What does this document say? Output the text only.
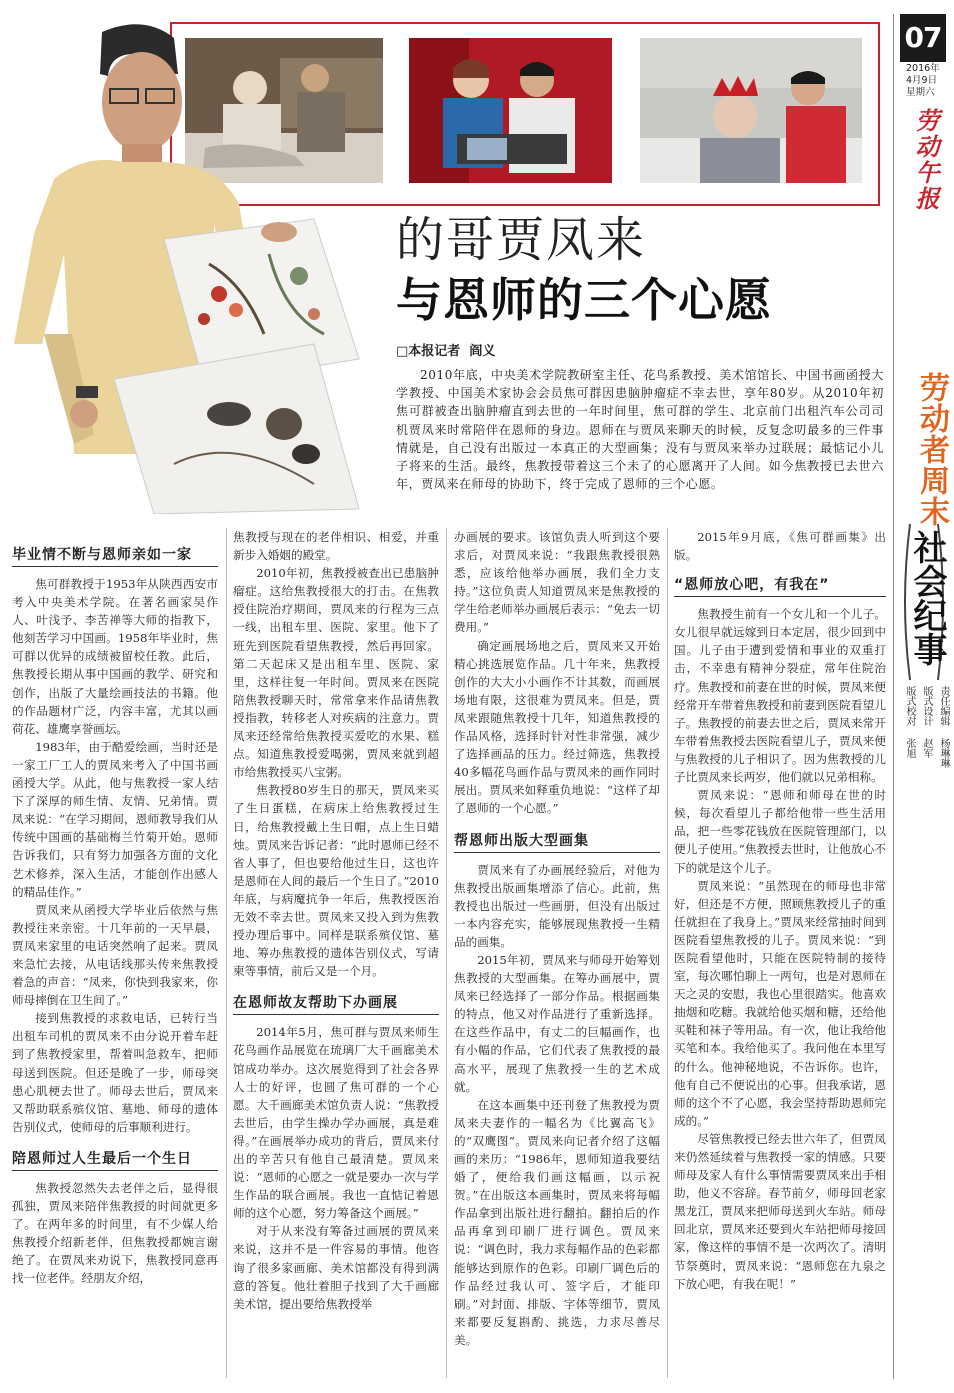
07
2016年
4月9日
星期六
劳动午报
劳动者周末
社会纪事
责任编辑  杨琳琳
版式设计  赵军
版式校对  张旭
的哥贾凤来
与恩师的三个心愿
□本报记者  阎义

2010年底，中央美术学院教研室主任、花鸟系教授、美术馆馆长、中国书画函授大学教授、中国美术家协会会员焦可群因患脑肿瘤症不幸去世，享年80岁。从2010年初焦可群被查出脑肿瘤直到去世的一年时间里，焦可群的学生、北京前门出租汽车公司司机贾凤来时常陪伴在恩师的身边。恩师在与贾凤来聊天的时候，反复念叨最多的三件事情就是，自己没有出版过一本真正的大型画集；没有与贾凤来举办过联展；最惦记小儿子将来的生活。最终，焦教授带着这三个未了的心愿离开了人间。如今焦教授已去世六年，贾凤来在师母的协助下，终于完成了恩师的三个心愿。

毕业情不断与恩师亲如一家

焦可群教授于1953年从陕西西安市考入中央美术学院。在著名画家吴作人、叶浅予、李苦禅等大师的指教下，他刻苦学习中国画。1958年毕业时，焦可群以优异的成绩被留校任教。此后，焦教授长期从事中国画的教学、研究和创作，出版了大量绘画技法的书籍。他的作品题材广泛，内容丰富，尤其以画荷花、雄鹰享誉画坛。

1983年，由于酷爱绘画，当时还是一家工厂工人的贾凤来考入了中国书画函授大学。从此，他与焦教授一家人结下了深厚的师生情、友情、兄弟情。贾凤来说：“在学习期间，恩师教导我们从传统中国画的基础梅兰竹菊开始。恩师告诉我们，只有努力加强各方面的文化艺术修养，深入生活，才能创作出感人的精品佳作。”

贾凤来从函授大学毕业后依然与焦教授往来亲密。十几年前的一天早晨，贾凤来家里的电话突然响了起来。贾凤来急忙去接，从电话线那头传来焦教授着急的声音：“凤来，你快到我家来，你师母摔倒在卫生间了。”

接到焦教授的求救电话，已转行当出租车司机的贾凤来不由分说开着车赶到了焦教授家里，帮着叫急救车，把师母送到医院。但还是晚了一步，师母突患心肌梗去世了。师母去世后，贾凤来又帮助联系殡仪馆、墓地、师母的遗体告别仪式，使师母的后事顺利进行。

陪恩师过人生最后一个生日

焦教授忽然失去老伴之后，显得很孤独，贾凤来陪伴焦教授的时间就更多了。在两年多的时间里，有不少媒人给焦教授介绍新老伴，但焦教授都婉言谢绝了。在贾凤来劝说下，焦教授同意再找一位老伴。经朋友介绍，

焦教授与现在的老伴相识、相爱，并重新步入婚姻的殿堂。

2010年初，焦教授被查出已患脑肿瘤症。这给焦教授很大的打击。在焦教授住院治疗期间，贾凤来的行程为三点一线，出租车里、医院、家里。他下了班先到医院看望焦教授，然后再回家。第二天起床又是出租车里、医院、家里，这样往复一年时间。贾凤来在医院陪焦教授聊天时，常常拿来作品请焦教授指教，转移老人对疾病的注意力。贾凤来还经常给焦教授买爱吃的水果、糕点。知道焦教授爱喝粥，贾凤来就到超市给焦教授买八宝粥。

焦教授80岁生日的那天，贾凤来买了生日蛋糕，在病床上给焦教授过生日，给焦教授戴上生日帽，点上生日蜡烛。贾凤来告诉记者：“此时恩师已经不省人事了，但也要给他过生日，这也许是恩师在人间的最后一个生日了。”2010年底，与病魔抗争一年后，焦教授医治无效不幸去世。贾凤来又投入到为焦教授办理后事中。同样是联系殡仪馆、墓地、筹办焦教授的遗体告别仪式，写请柬等事情，前后又是一个月。

在恩师故友帮助下办画展

2014年5月，焦可群与贾凤来师生花鸟画作品展览在琉璃厂大千画廊美术馆成功举办。这次展览得到了社会各界人士的好评，也圆了焦可群的一个心愿。大千画廊美术馆负责人说：“焦教授去世后，由学生操办学办画展，真是难得。”在画展举办成功的背后，贾凤来付出的辛苦只有他自己最清楚。贾凤来说：“恩师的心愿之一就是要办一次与学生作品的联合画展。我也一直惦记着恩师的这个心愿，努力筹备这个画展。”

对于从来没有筹备过画展的贾凤来来说，这并不是一件容易的事情。他咨询了很多家画廊、美术馆都没有得到满意的答复。他壮着胆子找到了大千画廊美术馆，提出要给焦教授举

办画展的要求。该馆负责人听到这个要求后，对贾凤来说：“我跟焦教授很熟悉，应该给他举办画展，我们全力支持。”这位负责人知道贾凤来是焦教授的学生给老师举办画展后表示：“免去一切费用。”

确定画展场地之后，贾凤来又开始精心挑选展览作品。几十年来，焦教授创作的大大小小画作不计其数，而画展场地有限，这很难为贾凤来。但是，贾凤来跟随焦教授十几年，知道焦教授的作品风格，选择时针对性非常强，减少了选择画品的压力。经过筛选，焦教授40多幅花鸟画作品与贾凤来的画作同时展出。贾凤来如释重负地说：“这样了却了恩师的一个心愿。”

帮恩师出版大型画集

贾凤来有了办画展经验后，对他为焦教授出版画集增添了信心。此前，焦教授也出版过一些画册，但没有出版过一本内容充实，能够展现焦教授一生精品的画集。

2015年初，贾凤来与师母开始筹划焦教授的大型画集。在筹办画展中，贾凤来已经选择了一部分作品。根据画集的特点，他又对作品进行了重新选择。在这些作品中，有丈二的巨幅画作，也有小幅的作品，它们代表了焦教授的最高水平，展现了焦教授一生的艺术成就。

在这本画集中还刊登了焦教授为贾凤来夫妻作的一幅名为《比翼高飞》的“双鹰图”。贾凤来向记者介绍了这幅画的来历：“1986年，恩师知道我要结婚了，便给我们画这幅画，以示祝贺。”在出版这本画集时，贾凤来将每幅作品拿到出版社进行翻拍。翻拍后的作品再拿到印刷厂进行调色。贾凤来说：“调色时，我力求每幅作品的色彩都能够达到原作的色彩。印刷厂调色后的作品经过我认可、签字后，才能印刷。”对封面、排版、字体等细节，贾凤来都要反复斟酌、挑选，力求尽善尽美。

2015年9月底，《焦可群画集》出版。

“恩师放心吧，有我在”

焦教授生前有一个女儿和一个儿子。女儿很早就远嫁到日本定居，很少回到中国。儿子由于遭到爱情和事业的双重打击，不幸患有精神分裂症，常年住院治疗。焦教授和前妻在世的时候，贾凤来便经常开车带着焦教授和前妻到医院看望儿子。焦教授的前妻去世之后，贾凤来常开车带着焦教授去医院看望儿子，贾凤来便与焦教授的儿子相识了。因为焦教授的儿子比贾凤来长两岁，他们就以兄弟相称。

贾凤来说：“恩师和师母在世的时候，每次看望儿子都给他带一些生活用品，把一些零花钱放在医院管理部门，以便儿子使用。”焦教授去世时，让他放心不下的就是这个儿子。

贾凤来说：“虽然现在的师母也非常好，但还是不方便，照顾焦教授儿子的重任就担在了我身上。”贾凤来经常抽时间到医院看望焦教授的儿子。贾凤来说：“到医院看望他时，只能在医院特制的接待室，每次哪怕聊上一两句，也是对恩师在天之灵的安慰，我也心里很踏实。他喜欢抽烟和吃糖。我就给他买烟和糖，还给他买鞋和袜子等用品。有一次，他让我给他买笔和本。我给他买了。我问他在本里写的什么。他神秘地说，不告诉你。也许，他有自己不便说出的心事。但我承诺，恩师的这个不了心愿，我会坚持帮助恩师完成的。”

尽管焦教授已经去世六年了，但贾凤来仍然延续着与焦教授一家的情感。只要师母及家人有什么事情需要贾凤来出手相助，他义不容辞。春节前夕，师母回老家黑龙江，贾凤来把师母送到火车站。师母回北京，贾凤来还要到火车站把师母接回家，像这样的事情不是一次两次了。清明节祭奠时，贾凤来说：“恩师您在九泉之下放心吧，有我在呢！”
